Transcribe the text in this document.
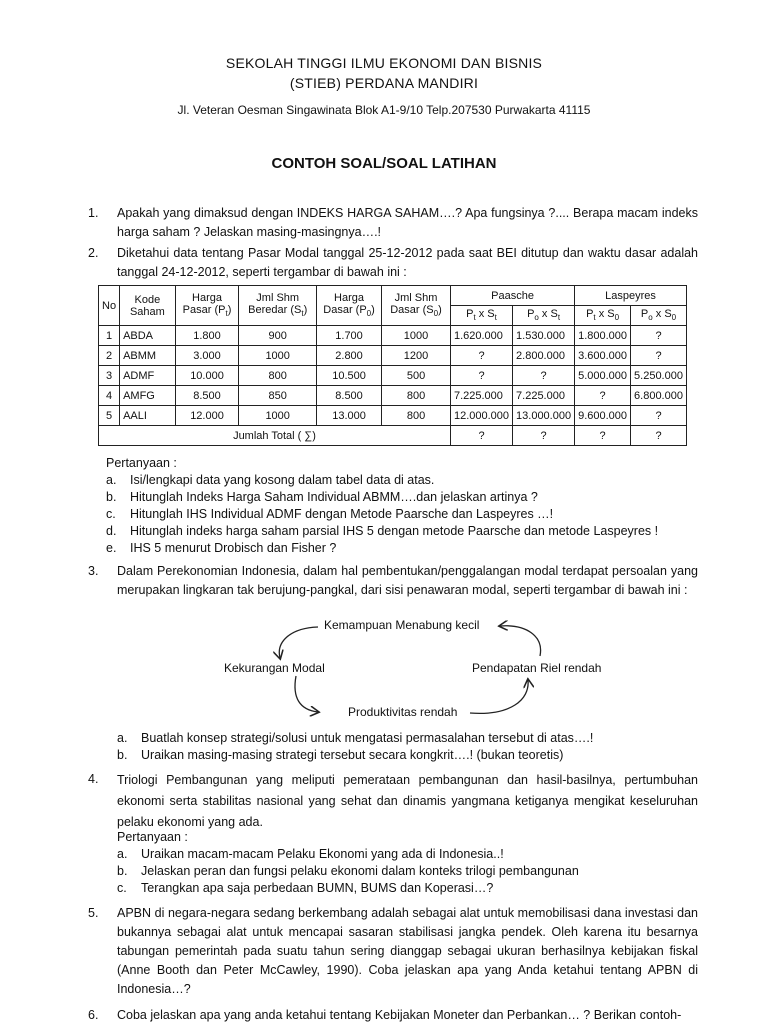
SEKOLAH TINGGI ILMU EKONOMI DAN BISNIS
(STIEB) PERDANA MANDIRI
Jl. Veteran Oesman Singawinata Blok A1-9/10 Telp.207530 Purwakarta 41115
CONTOH SOAL/SOAL LATIHAN
1. Apakah yang dimaksud dengan INDEKS HARGA SAHAM….? Apa fungsinya ?.... Berapa macam indeks harga saham ? Jelaskan masing-masingnya….!
2. Diketahui data tentang Pasar Modal tanggal 25-12-2012 pada saat BEI ditutup dan waktu dasar adalah tanggal 24-12-2012, seperti tergambar di bawah ini :
No	Kode Saham	Harga Pasar $(P_t)$	Jml Shm Beredar $(S_t)$	Harga Dasar $(P_0)$	Jml Shm Dasar $(S_0)$	Paasche		Laspeyres	
						$P_t$ x $S_t$	$P_o$ x $S_t$	$P_t$ x $S_0$	$P_o$ x $S_0$
1	ABDA	1.800	900	1.700	1000	1.620.000	1.530.000	1.800.000	?
2	ABMM	3.000	1000	2.800	1200	?	2.800.000	3.600.000	?
3	ADMF	10.000	800	10.500	500	?	?	5.000.000	5.250.000
4	AMFG	8.500	850	8.500	800	7.225.000	7.225.000	?	6.800.000
5	AALI	12.000	1000	13.000	800	12.000.000	13.000.000	9.600.000	?
Jumlah Total ( ∑)						?	?	?	?
Pertanyaan :
a. Isi/lengkapi data yang kosong dalam tabel data di atas.
b. Hitunglah Indeks Harga Saham Individual ABMM….dan jelaskan artinya ?
c. Hitunglah IHS Individual ADMF dengan Metode Paarsche dan Laspeyres …!
d. Hitunglah indeks harga saham parsial IHS 5 dengan metode Paarsche dan metode Laspeyres !
e. IHS 5 menurut Drobisch dan Fisher ?
3. Dalam Perekonomian Indonesia, dalam hal pembentukan/penggalangan modal terdapat persoalan yang merupakan lingkaran tak berujung-pangkal, dari sisi penawaran modal, seperti tergambar di bawah ini :
Kemampuan Menabung kecil
Kekurangan Modal	Pendapatan Riel rendah
Produktivitas rendah
a. Buatlah konsep strategi/solusi untuk mengatasi permasalahan tersebut di atas….!
b. Uraikan masing-masing strategi tersebut secara kongkrit….! (bukan teoretis)
4. Triologi Pembangunan yang meliputi pemerataan pembangunan dan hasil-basilnya, pertumbuhan ekonomi serta stabilitas nasional yang sehat dan dinamis yangmana ketiganya mengikat keseluruhan pelaku ekonomi yang ada.
Pertanyaan :
a. Uraikan macam-macam Pelaku Ekonomi yang ada di Indonesia..!
b. Jelaskan peran dan fungsi pelaku ekonomi dalam konteks trilogi pembangunan
c. Terangkan apa saja perbedaan BUMN, BUMS dan Koperasi…?
5. APBN di negara-negara sedang berkembang adalah sebagai alat untuk memobilisasi dana investasi dan bukannya sebagai alat untuk mencapai sasaran stabilisasi jangka pendek. Oleh karena itu besarnya tabungan pemerintah pada suatu tahun sering dianggap sebagai ukuran berhasilnya kebijakan fiskal (Anne Booth dan Peter McCawley, 1990). Coba jelaskan apa yang Anda ketahui tentang APBN di Indonesia…?
6. Coba jelaskan apa yang anda ketahui tentang Kebijakan Moneter dan Perbankan… ? Berikan contoh-
